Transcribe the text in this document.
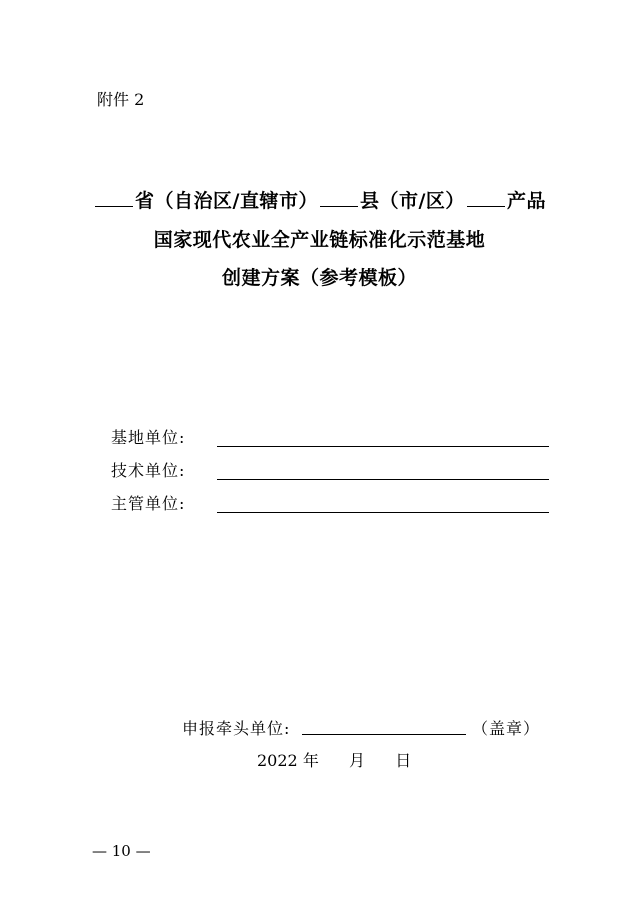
附件 2
省（自治区/直辖市） 县（市/区） 产品
国家现代农业全产业链标准化示范基地
创建方案（参考模板）
基地单位:
技术单位:
主管单位:
申报牵头单位:	（盖章）
2022 年 月 日
— 10 —
